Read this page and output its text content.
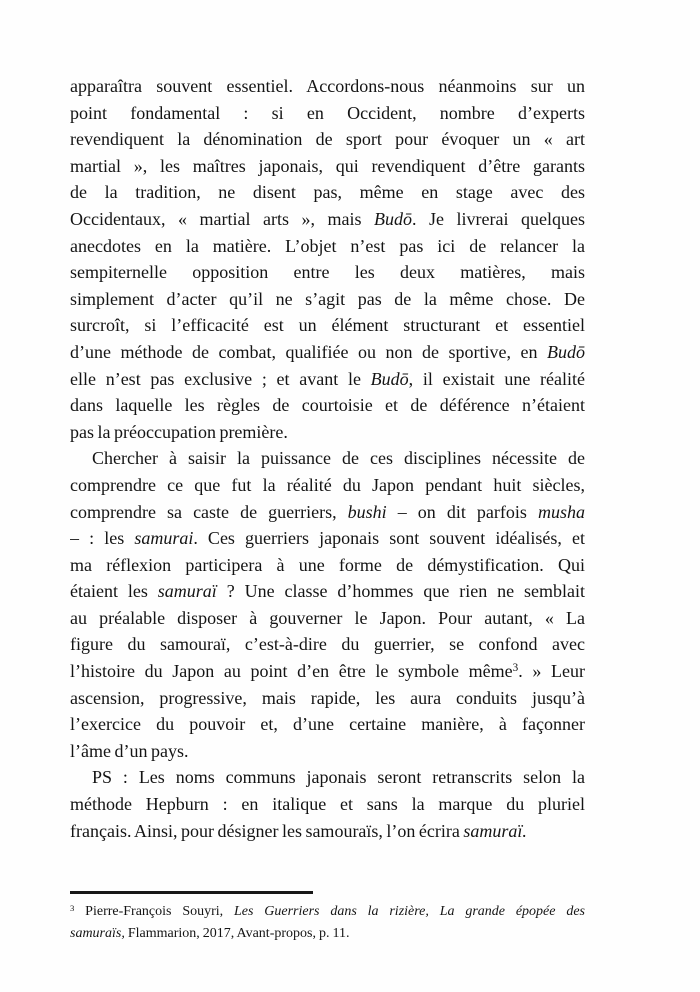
apparaîtra souvent essentiel. Accordons-nous néanmoins sur un
point fondamental : si en Occident, nombre d’experts
revendiquent la dénomination de sport pour évoquer un « art
martial », les maîtres japonais, qui revendiquent d’être garants
de la tradition, ne disent pas, même en stage avec des
Occidentaux, « martial arts », mais Budō. Je livrerai quelques
anecdotes en la matière. L’objet n’est pas ici de relancer la
sempiternelle opposition entre les deux matières, mais
simplement d’acter qu’il ne s’agit pas de la même chose. De
surcroît, si l’efficacité est un élément structurant et essentiel
d’une méthode de combat, qualifiée ou non de sportive, en Budō
elle n’est pas exclusive ; et avant le Budō, il existait une réalité
dans laquelle les règles de courtoisie et de déférence n’étaient
pas la préoccupation première.
Chercher à saisir la puissance de ces disciplines nécessite de
comprendre ce que fut la réalité du Japon pendant huit siècles,
comprendre sa caste de guerriers, bushi – on dit parfois musha
– : les samurai. Ces guerriers japonais sont souvent idéalisés, et
ma réflexion participera à une forme de démystification. Qui
étaient les samuraï ? Une classe d’hommes que rien ne semblait
au préalable disposer à gouverner le Japon. Pour autant, « La
figure du samouraï, c’est-à-dire du guerrier, se confond avec
l’histoire du Japon au point d’en être le symbole même$^3$. » Leur
ascension, progressive, mais rapide, les aura conduits jusqu’à
l’exercice du pouvoir et, d’une certaine manière, à façonner
l’âme d’un pays.
PS : Les noms communs japonais seront retranscrits selon la
méthode Hepburn : en italique et sans la marque du pluriel
français. Ainsi, pour désigner les samouraïs, l’on écrira samuraï.
$^3$ Pierre-François Souyri, Les Guerriers dans la rizière, La grande épopée des
samuraïs, Flammarion, 2017, Avant-propos, p. 11.
